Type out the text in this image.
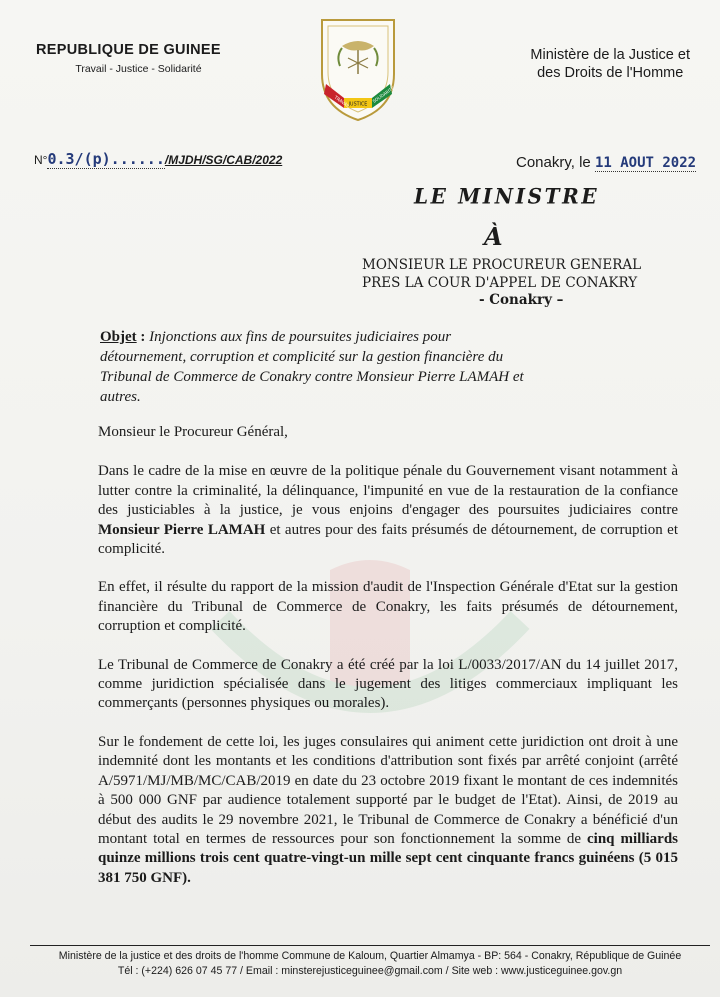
REPUBLIQUE DE GUINEE
Travail - Justice - Solidarité
TRAVAIL
JUSTICE
SOLIDARITE
Ministère de la Justice et
des Droits de l'Homme
N°0.3/(p)....../MJDH/SG/CAB/2022	Conakry, le 11 AOUT 2022
LE MINISTRE
À
MONSIEUR LE PROCUREUR GENERAL
PRES LA COUR D'APPEL DE CONAKRY
- Conakry –
Objet : Injonctions aux fins de poursuites judiciaires pour détournement, corruption et complicité sur la gestion financière du Tribunal de Commerce de Conakry contre Monsieur Pierre LAMAH et autres.

Monsieur le Procureur Général,

Dans le cadre de la mise en œuvre de la politique pénale du Gouvernement visant notamment à lutter contre la criminalité, la délinquance, l'impunité en vue de la restauration de la confiance des justiciables à la justice, je vous enjoins d'engager des poursuites judiciaires contre Monsieur Pierre LAMAH et autres pour des faits présumés de détournement, de corruption et complicité.

En effet, il résulte du rapport de la mission d'audit de l'Inspection Générale d'Etat sur la gestion financière du Tribunal de Commerce de Conakry, les faits présumés de détournement, corruption et complicité.

Le Tribunal de Commerce de Conakry a été créé par la loi L/0033/2017/AN du 14 juillet 2017, comme juridiction spécialisée dans le jugement des litiges commerciaux impliquant les commerçants (personnes physiques ou morales).

Sur le fondement de cette loi, les juges consulaires qui animent cette juridiction ont droit à une indemnité dont les montants et les conditions d'attribution sont fixés par arrêté conjoint (arrêté A/5971/MJ/MB/MC/CAB/2019 en date du 23 octobre 2019 fixant le montant de ces indemnités à 500 000 GNF par audience totalement supporté par le budget de l'Etat). Ainsi, de 2019 au début des audits le 29 novembre 2021, le Tribunal de Commerce de Conakry a bénéficié d'un montant total en termes de ressources pour son fonctionnement la somme de cinq milliards quinze millions trois cent quatre-vingt-un mille sept cent cinquante francs guinéens (5 015 381 750 GNF).

Ministère de la justice et des droits de l'homme Commune de Kaloum, Quartier Almamya - BP: 564 - Conakry, République de Guinée
Tél : (+224) 626 07 45 77 / Email : minsterejusticeguinee@gmail.com / Site web : www.justiceguinee.gov.gn
